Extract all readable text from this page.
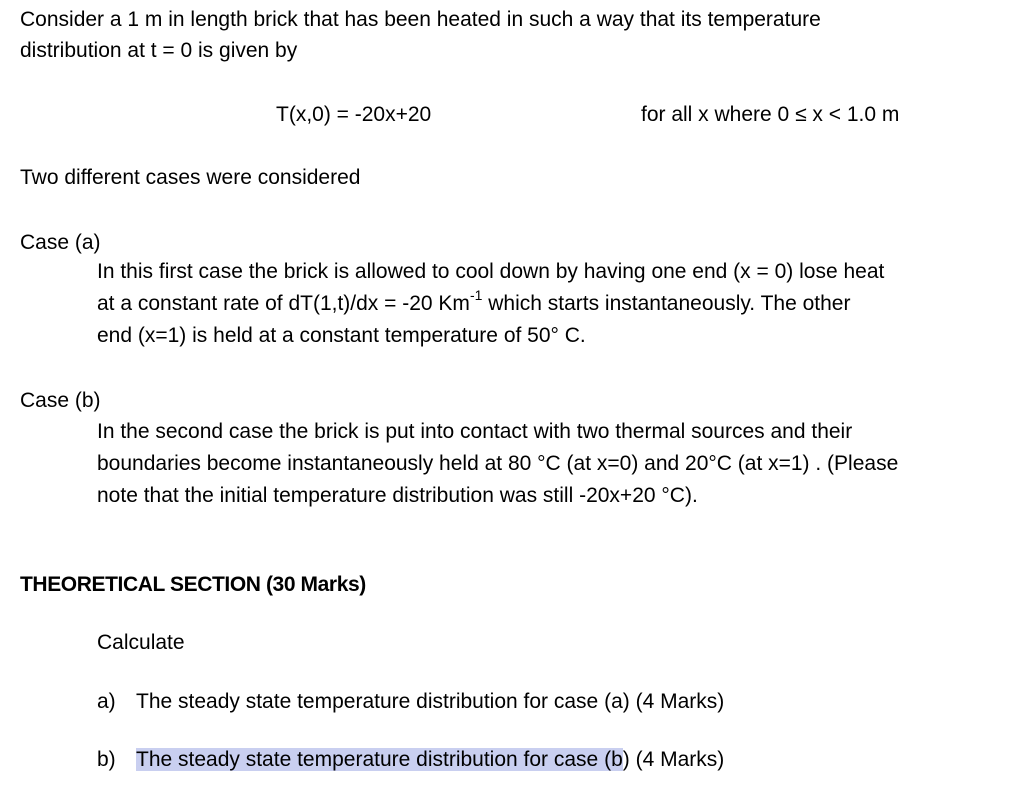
Consider a 1 m in length brick that has been heated in such a way that its temperature
distribution at t = 0 is given by
T(x,0) = -20x+20	for all x where 0 ≤ x < 1.0 m
Two different cases were considered
Case (a)
In this first case the brick is allowed to cool down by having one end (x = 0) lose heat
at a constant rate of dT(1,t)/dx = -20 $Km^{-1}$ which starts instantaneously. The other
end (x=1) is held at a constant temperature of 50° C.
Case (b)
In the second case the brick is put into contact with two thermal sources and their
boundaries become instantaneously held at 80 °C (at x=0) and 20°C (at x=1) . (Please
note that the initial temperature distribution was still -20x+20 °C).
THEORETICAL SECTION (30 Marks)
Calculate
a) The steady state temperature distribution for case (a) (4 Marks)
b) The steady state temperature distribution for case (b) (4 Marks)
